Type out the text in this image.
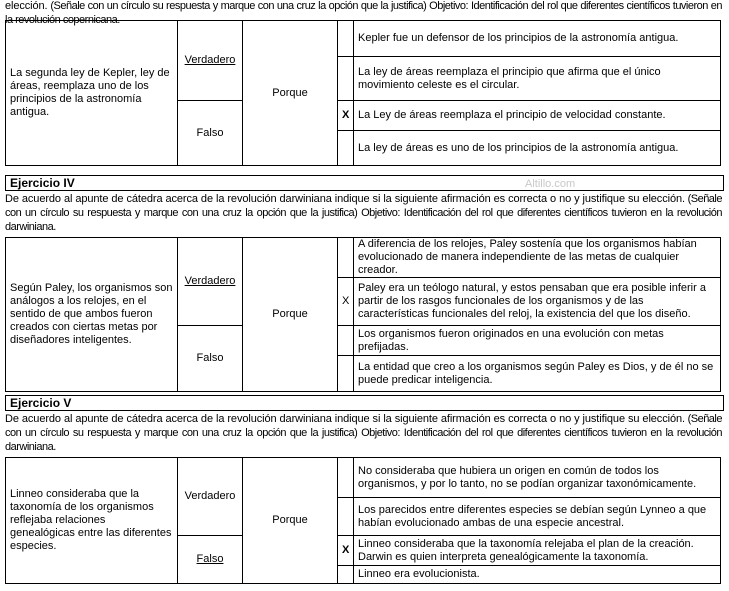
elección. (Señale con un círculo su respuesta y marque con una cruz la opción que la justifica) Objetivo: Identificación del rol que diferentes científicos tuvieron en la revolución copernicana.
La segunda ley de Kepler, ley de áreas, reemplaza uno de los principios de la astronomía antigua.	Verdadero	Porque		Kepler fue un defensor de los principios de la astronomía antigua.
				La ley de áreas reemplaza el principio que afirma que el único movimiento celeste es el circular.
	Falso		X	La Ley de áreas reemplaza el principio de velocidad constante.
				La ley de áreas es uno de los principios de la astronomía antigua.
Ejercicio IV	Altillo.com
De acuerdo al apunte de cátedra acerca de la revolución darwiniana indique si la siguiente afirmación es correcta o no y justifique su elección. (Señale con un círculo su respuesta y marque con una cruz la opción que la justifica) Objetivo: Identificación del rol que diferentes científicos tuvieron en la revolución darwiniana.
Según Paley, los organismos son análogos a los relojes, en el sentido de que ambos fueron creados con ciertas metas por diseñadores inteligentes.	Verdadero	Porque		A diferencia de los relojes, Paley sostenía que los organismos habían evolucionado de manera independiente de las metas de cualquier creador.
			X	Paley era un teólogo natural, y estos pensaban que era posible inferir a partir de los rasgos funcionales de los organismos y de las características funcionales del reloj, la existencia del que los diseño.
	Falso			Los organismos fueron originados en una evolución con metas prefijadas.
				La entidad que creo a los organismos según Paley es Dios, y de él no se puede predicar inteligencia.
Ejercicio V
De acuerdo al apunte de cátedra acerca de la revolución darwiniana indique si la siguiente afirmación es correcta o no y justifique su elección. (Señale con un círculo su respuesta y marque con una cruz la opción que la justifica) Objetivo: Identificación del rol que diferentes científicos tuvieron en la revolución darwiniana.
Linneo consideraba que la taxonomía de los organismos reflejaba relaciones genealógicas entre las diferentes especies.	Verdadero	Porque		No consideraba que hubiera un origen en común de todos los organismos, y por lo tanto, no se podían organizar taxonómicamente.
				Los parecidos entre diferentes especies se debían según Lynneo a que habían evolucionado ambas de una especie ancestral.
	Falso		X	Linneo consideraba que la taxonomía relejaba el plan de la creación. Darwin es quien interpreta genealógicamente la taxonomía.
				Linneo era evolucionista.
